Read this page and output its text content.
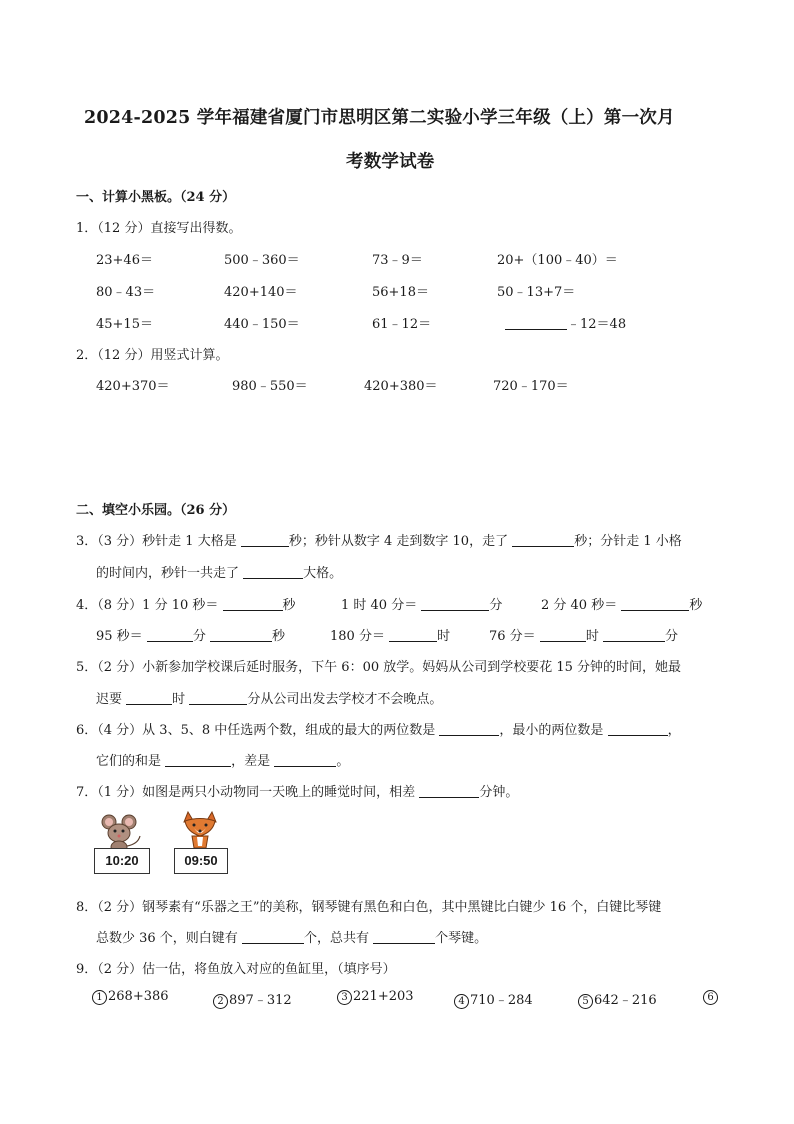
2024-2025 学年福建省厦门市思明区第二实验小学三年级（上）第一次月
考数学试卷
一、计算小黑板。（24 分）
1．（12 分）直接写出得数。
23+46＝	500﹣360＝	73﹣9＝	20+（100﹣40）＝
80﹣43＝	420+140＝	56+18＝	50﹣13+7＝
45+15＝	440﹣150＝	61﹣12＝	﹣12＝48
2．（12 分）用竖式计算。
420+370＝	980﹣550＝	420+380＝	720﹣170＝
二、填空小乐园。（26 分）
3．（3 分）秒针走 1 大格是	秒；秒针从数字 4 走到数字 10，走了	秒；分针走 1 小格
的时间内，秒针一共走了	大格。
4．（8 分）1 分 10 秒＝	秒	1 时 40 分＝	分	2 分 40 秒＝	秒
95 秒＝	分	秒	180 分＝	时	76 分＝	时	分
5．（2 分）小新参加学校课后延时服务，下午 6：00 放学。妈妈从公司到学校要花 15 分钟的时间，她最
迟要	时	分从公司出发去学校才不会晚点。
6．（4 分）从 3、5、8 中任选两个数，组成的最大的两位数是	，最小的两位数是	，
它们的和是	，差是	。
7．（1 分）如图是两只小动物同一天晚上的睡觉时间，相差	分钟。
10:20	09:50
8．（2 分）钢琴素有“乐器之王”的美称，钢琴键有黑色和白色，其中黑键比白键少 16 个，白键比琴键
总数少 36 个，则白键有	个，总共有	个琴键。
9．（2 分）估一估，将鱼放入对应的鱼缸里，（填序号）
1 268+386	2 897﹣312	3 221+203	4 710﹣284	5 642﹣216	6
